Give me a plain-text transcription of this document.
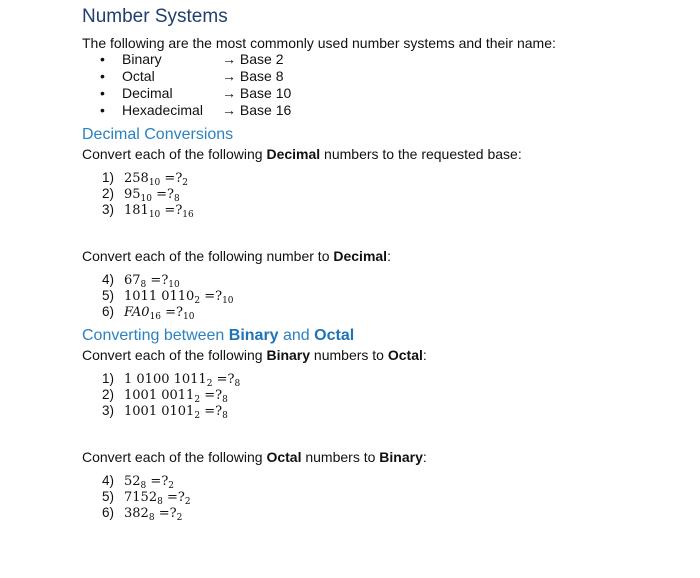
Number Systems
The following are the most commonly used number systems and their name:
• Binary	→ Base 2
• Octal	→ Base 8
• Decimal	→ Base 10
• Hexadecimal → Base 16
Decimal Conversions
Convert each of the following Decimal numbers to the requested base:
1) $258_{10}$ $=?_2$
2) $95_{10}$ $=?_8$
3) $181_{10}$ $=?_{16}$
Convert each of the following number to Decimal:
4) $67_8$ $=?_{10}$
5) 1011 $0110_2$ $=?_{10}$
6) $FA0_{16}$ $=?_{10}$
Converting between Binary and Octal
Convert each of the following Binary numbers to Octal:
1) 1 0100 $1011_2$ $=?_8$
2) 1001 $0011_2$ $=?_8$
3) 1001 $0101_2$ $=?_8$
Convert each of the following Octal numbers to Binary:
4) $52_8$ $=?_2$
5) $7152_8$ $=?_2$
6) $382_8$ $=?_2$
